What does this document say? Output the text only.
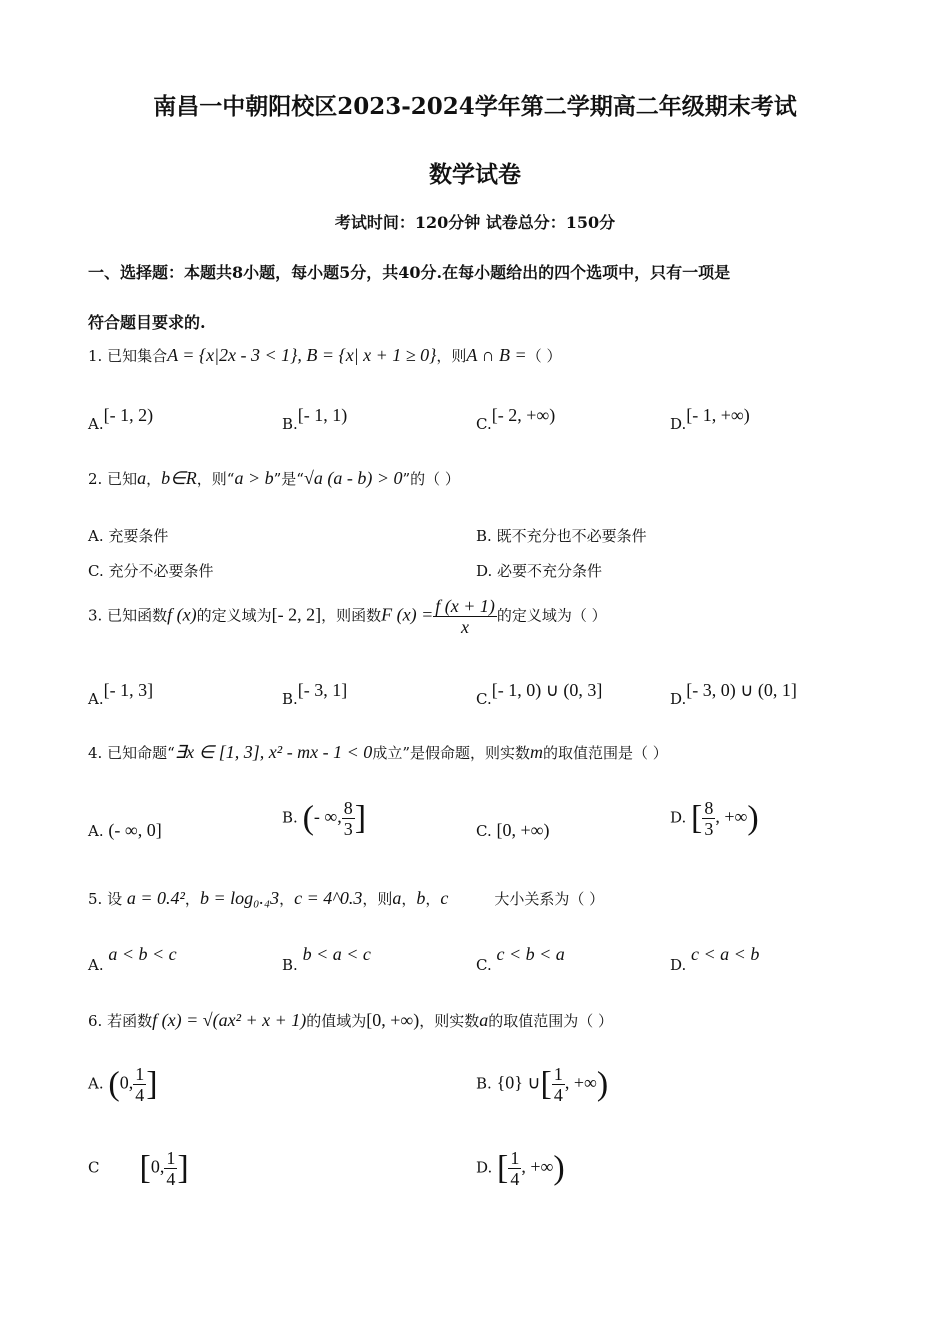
南昌一中朝阳校区2023-2024学年第二学期高二年级期末考试
数学试卷
考试时间：120分钟 试卷总分：150分
一、选择题：本题共8小题，每小题5分，共40分.在每小题给出的四个选项中，只有一项是
符合题目要求的.
1. 已知集合A = {x|2x - 3 < 1}, B = {x| x + 1 ≥ 0}，则A ∩ B =（ ）
A.[- 1, 2)	B.[- 1, 1)	C.[- 2, +∞)	D.[- 1, +∞)
2. 已知a，b∈R，则“a > b”是“√a (a - b) > 0”的（ ）
A. 充要条件	B. 既不充分也不必要条件
C. 充分不必要条件	D. 必要不充分条件
3. 已知函数f (x)的定义域为[- 2, 2]，则函数F $(x) = \frac{f (x + 1)}{x}$ 的定义域为（ ）
A.[- 1, 3]	B.[- 3, 1]	C.[- 1, 0) ∪ (0, 3]	D.[- 3, 0) ∪ (0, 1]
4. 已知命题“∃x ∈ [1, 3], x² - mx - 1 < 0成立”是假命题，则实数m的取值范围是（ ）
A. (- ∞, 0]
B. (- ∞, $\frac{8}{3}$ ]	C. [0, +∞)
D. [ $\frac{8}{3}$ , +∞)
5. 设 a = 0.4²，b = log₀.₄3，c = 4^0.3，则a，b，c	大小关系为（ ）
A. a < b < c
B. b < a < c
C. c < b < a
D. c < a < b
6. 若函数f (x) = √(ax² + x + 1)的值域为[0, +∞)，则实数a的取值范围为（ ）
A. (0, $\frac{1}{4}$ ]	B. {0} ∪[ $\frac{1}{4}$ , +∞)
C [0, $\frac{1}{4}$ ]	D. [ $\frac{1}{4}$ , +∞)
